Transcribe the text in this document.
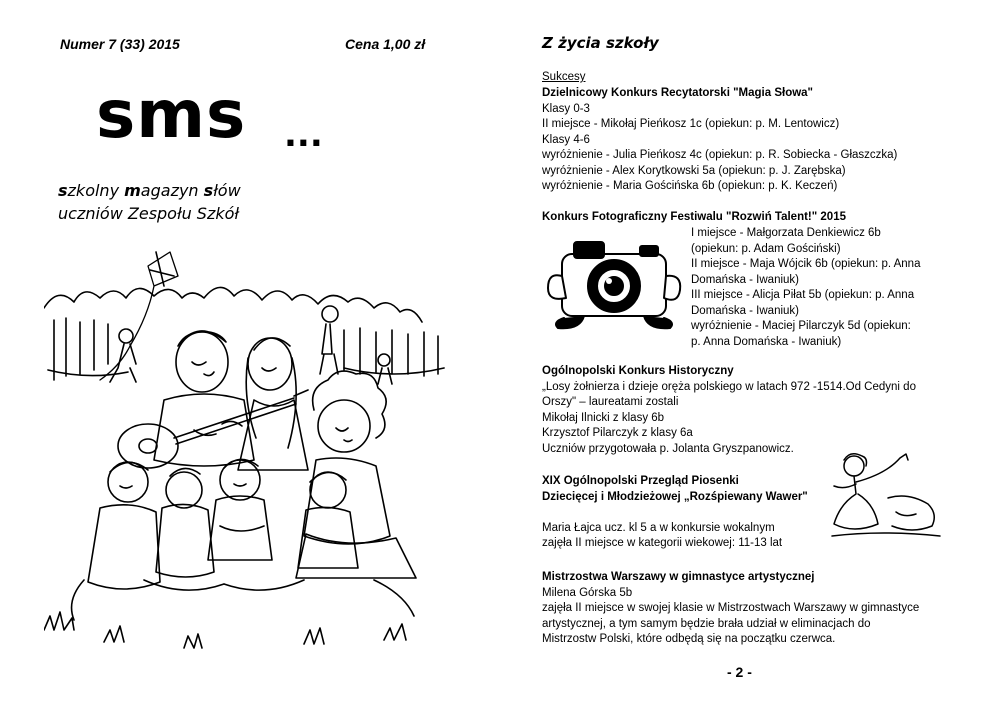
Numer 7 (33) 2015	Cena 1,00 zł
sms ...
szkolny magazyn słów
uczniów Zespołu Szkół
Z życia szkoły
Sukcesy

Dzielnicowy Konkurs Recytatorski "Magia Słowa"

Klasy 0-3

II miejsce - Mikołaj Pieńkosz 1c (opiekun: p. M. Lentowicz)

Klasy 4-6

wyróżnienie - Julia Pieńkosz 4c (opiekun: p. R. Sobiecka - Głaszczka)

wyróżnienie - Alex Korytkowski 5a (opiekun: p. J. Zarębska)

wyróżnienie - Maria Gościńska 6b (opiekun: p. K. Keczeń)

Konkurs Fotograficzny Festiwalu "Rozwiń Talent!" 2015

I miejsce - Małgorzata Denkiewicz 6b

(opiekun: p. Adam Gościński)

II miejsce - Maja Wójcik 6b (opiekun: p. Anna

Domańska - Iwaniuk)

III miejsce - Alicja Piłat 5b (opiekun: p. Anna

Domańska - Iwaniuk)

wyróżnienie - Maciej Pilarczyk 5d (opiekun:

p. Anna Domańska - Iwaniuk)

Ogólnopolski Konkurs Historyczny

„Losy żołnierza i dzieje oręża polskiego w latach 972 -1514.Od Cedyni do

Orszy" – laureatami zostali

Mikołaj Ilnicki z klasy 6b

Krzysztof Pilarczyk z klasy 6a

Uczniów przygotowała p. Jolanta Gryszpanowicz.

XIX Ogólnopolski Przegląd Piosenki

Dziecięcej i Młodzieżowej „Rozśpiewany Wawer"

Maria Łajca ucz. kl 5 a w konkursie wokalnym

zajęła II miejsce w kategorii wiekowej: 11-13 lat

Mistrzostwa Warszawy w gimnastyce artystycznej

Milena Górska 5b

zajęła II miejsce w swojej klasie w Mistrzostwach Warszawy w gimnastyce

artystycznej, a tym samym będzie brała udział w eliminacjach do

Mistrzostw Polski, które odbędą się na początku czerwca.

- 2 -
